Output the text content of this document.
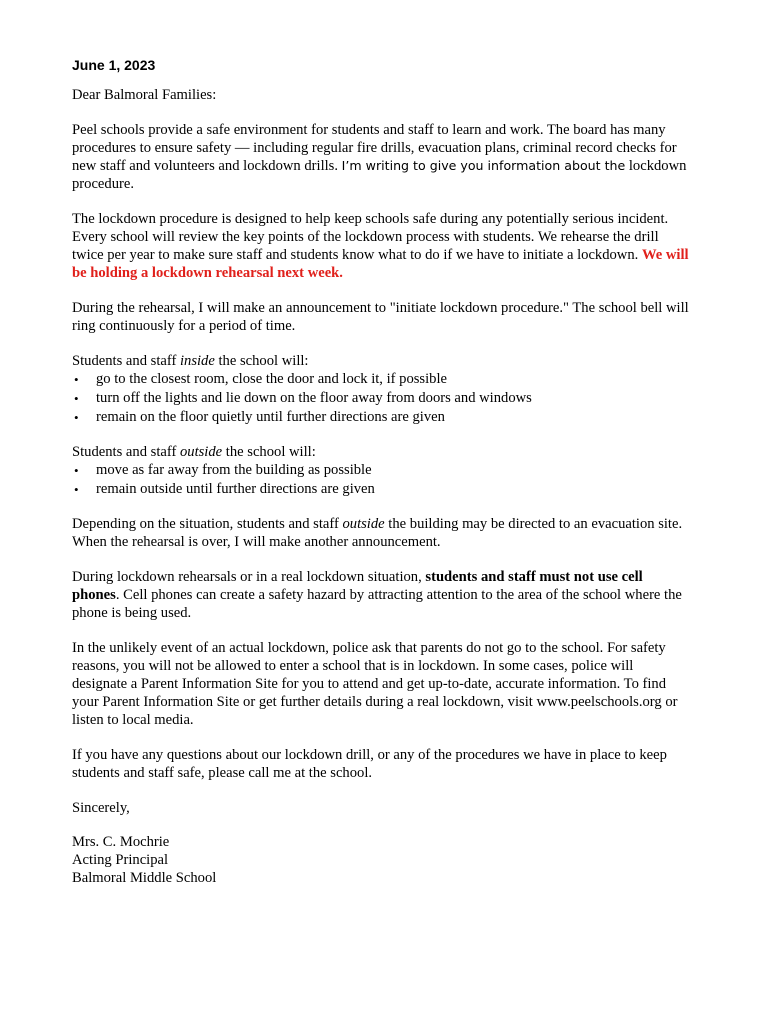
June 1, 2023

Dear Balmoral Families:

Peel schools provide a safe environment for students and staff to learn and work. The board has many procedures to ensure safety — including regular fire drills, evacuation plans, criminal record checks for new staff and volunteers and lockdown drills. I’m writing to give you information about the lockdown procedure.

The lockdown procedure is designed to help keep schools safe during any potentially serious incident. Every school will review the key points of the lockdown process with students. We rehearse the drill twice per year to make sure staff and students know what to do if we have to initiate a lockdown. We will be holding a lockdown rehearsal next week.

During the rehearsal, I will make an announcement to "initiate lockdown procedure." The school bell will ring continuously for a period of time.

Students and staff inside the school will:

• go to the closest room, close the door and lock it, if possible
• turn off the lights and lie down on the floor away from doors and windows
• remain on the floor quietly until further directions are given

Students and staff outside the school will:

• move as far away from the building as possible
• remain outside until further directions are given

Depending on the situation, students and staff outside the building may be directed to an evacuation site. When the rehearsal is over, I will make another announcement.

During lockdown rehearsals or in a real lockdown situation, students and staff must not use cell phones. Cell phones can create a safety hazard by attracting attention to the area of the school where the phone is being used.

In the unlikely event of an actual lockdown, police ask that parents do not go to the school. For safety reasons, you will not be allowed to enter a school that is in lockdown. In some cases, police will designate a Parent Information Site for you to attend and get up-to-date, accurate information. To find your Parent Information Site or get further details during a real lockdown, visit www.peelschools.org or listen to local media.

If you have any questions about our lockdown drill, or any of the procedures we have in place to keep students and staff safe, please call me at the school.

Sincerely,

Mrs. C. Mochrie

Acting Principal

Balmoral Middle School
